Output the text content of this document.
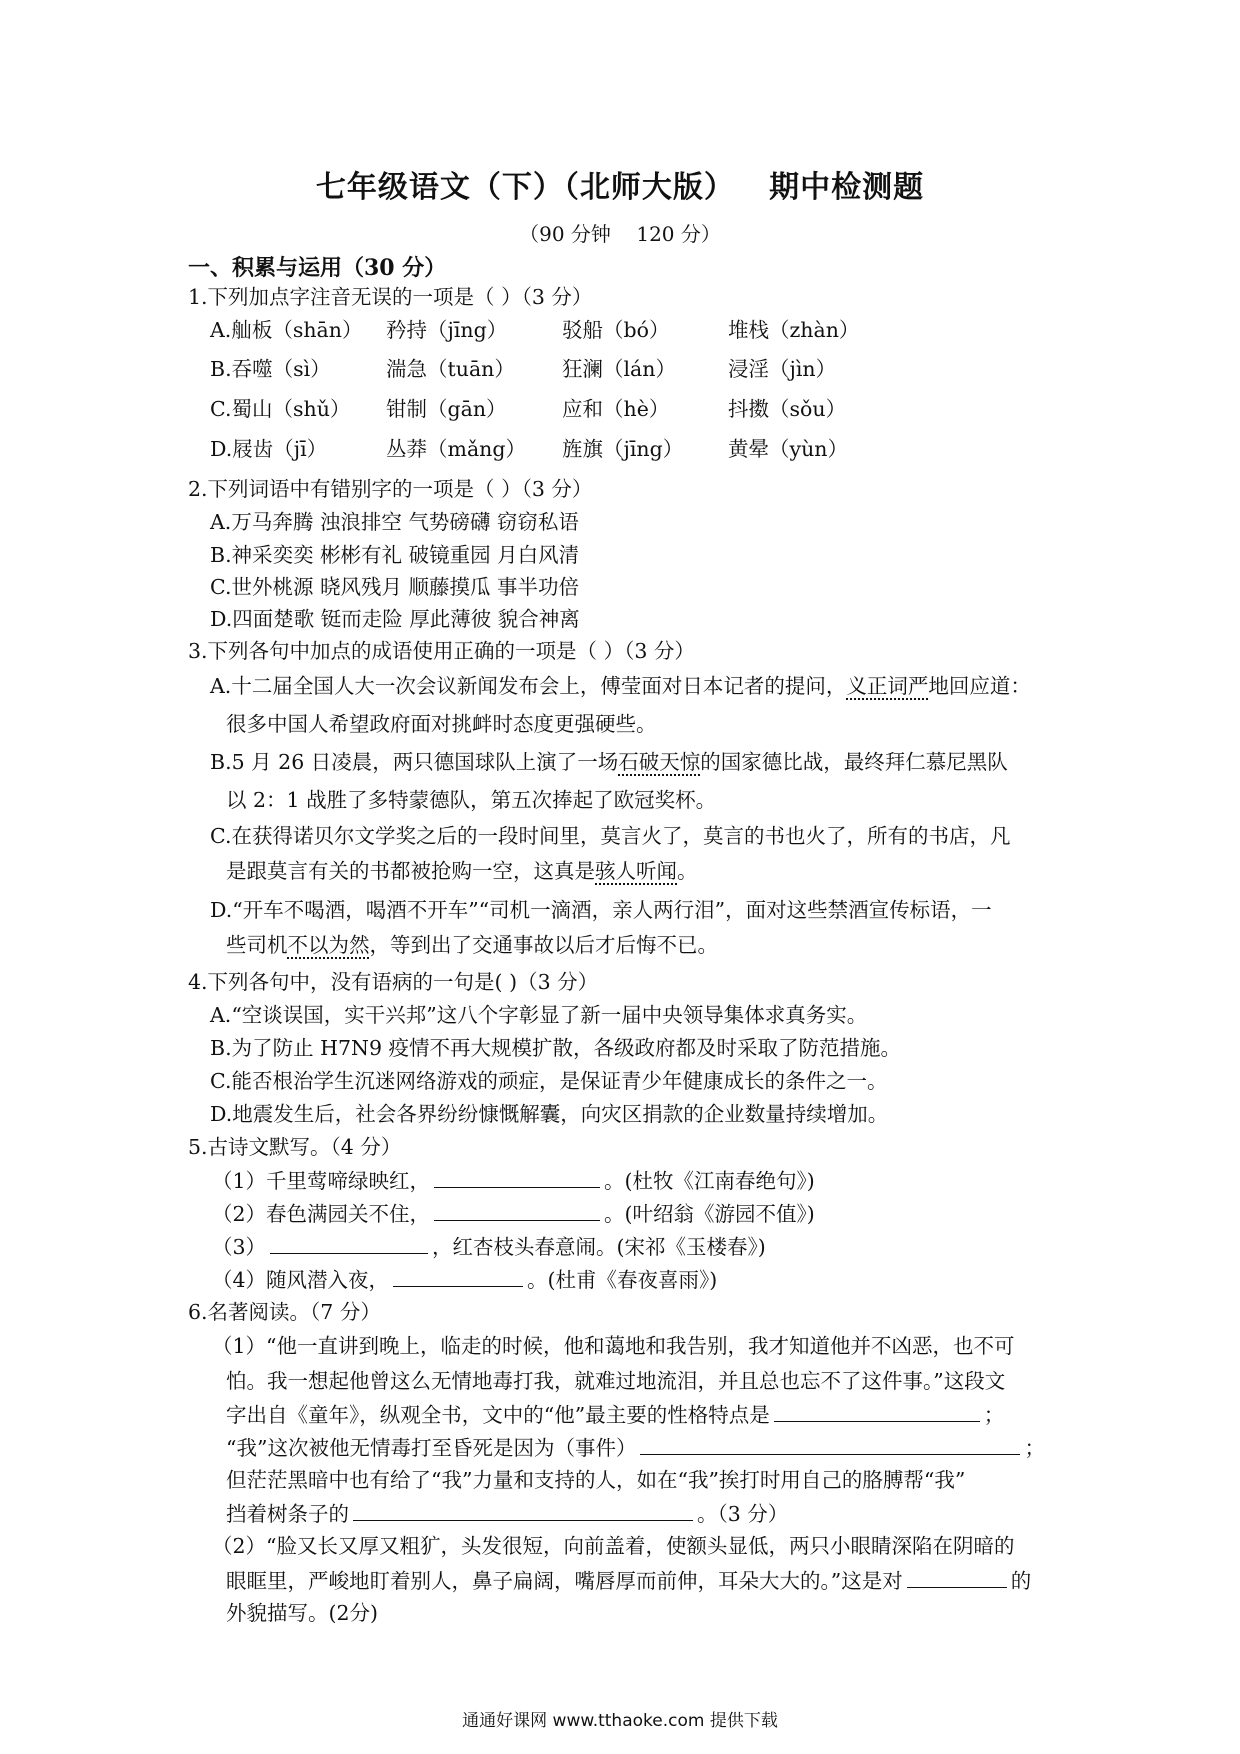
七年级语文（下）（北师大版）   期中检测题
（90 分钟    120 分）
一、积累与运用（30 分）
1.下列加点字注音无误的一项是（ ）（3 分）
A.舢板（shān） 矜持（jīng）	驳船（bó）	堆栈（zhàn）
B.吞噬（sì）	湍急（tuān） 狂澜（lán）	浸淫（jìn）
C.蜀山（shǔ） 钳制（gān）	应和（hè）	抖擞（sǒu）
D.屐齿（jī）	丛莽（mǎng） 旌旗（jīng） 黄晕（yùn）
2.下列词语中有错别字的一项是（ ）（3 分）
A.万马奔腾 浊浪排空 气势磅礴 窃窃私语
B.神采奕奕 彬彬有礼 破镜重园 月白风清
C.世外桃源 晓风残月 顺藤摸瓜 事半功倍
D.四面楚歌 铤而走险 厚此薄彼 貌合神离
3.下列各句中加点的成语使用正确的一项是（ ）（3 分）
A.十二届全国人大一次会议新闻发布会上，傅莹面对日本记者的提问，义正词严地回应道：
很多中国人希望政府面对挑衅时态度更强硬些。
B.5 月 26 日凌晨，两只德国球队上演了一场石破天惊的国家德比战，最终拜仁慕尼黑队
以 2：1 战胜了多特蒙德队，第五次捧起了欧冠奖杯。
C.在获得诺贝尔文学奖之后的一段时间里，莫言火了，莫言的书也火了，所有的书店，凡
是跟莫言有关的书都被抢购一空，这真是骇人听闻。
D.“开车不喝酒，喝酒不开车”“司机一滴酒，亲人两行泪”，面对这些禁酒宣传标语，一
些司机不以为然，等到出了交通事故以后才后悔不已。
4.下列各句中，没有语病的一句是( )（3 分）
A.“空谈误国，实干兴邦”这八个字彰显了新一届中央领导集体求真务实。
B.为了防止 H7N9 疫情不再大规模扩散，各级政府都及时采取了防范措施。
C.能否根治学生沉迷网络游戏的顽症，是保证青少年健康成长的条件之一。
D.地震发生后，社会各界纷纷慷慨解囊，向灾区捐款的企业数量持续增加。
5.古诗文默写。（4 分）
（1）千里莺啼绿映红，	。(杜牧《江南春绝句》)
（2）春色满园关不住，	。(叶绍翁《游园不值》)
（3）	，红杏枝头春意闹。(宋祁《玉楼春》)
（4）随风潜入夜，	。(杜甫《春夜喜雨》)
6.名著阅读。（7 分）
（1）“他一直讲到晚上，临走的时候，他和蔼地和我告别，我才知道他并不凶恶，也不可
怕。我一想起他曾这么无情地毒打我，就难过地流泪，并且总也忘不了这件事。”这段文
字出自《童年》，纵观全书，文中的“他”最主要的性格特点是	；
“我”这次被他无情毒打至昏死是因为（事件）	；
但茫茫黑暗中也有给了“我”力量和支持的人，如在“我”挨打时用自己的胳膊帮“我”
挡着树条子的	。（3 分）
（2）“脸又长又厚又粗犷，头发很短，向前盖着，使额头显低，两只小眼睛深陷在阴暗的
眼眶里，严峻地盯着别人，鼻子扁阔，嘴唇厚而前伸，耳朵大大的。”这是对	的
外貌描写。(2分)
通通好课网 www.tthaoke.com 提供下载
